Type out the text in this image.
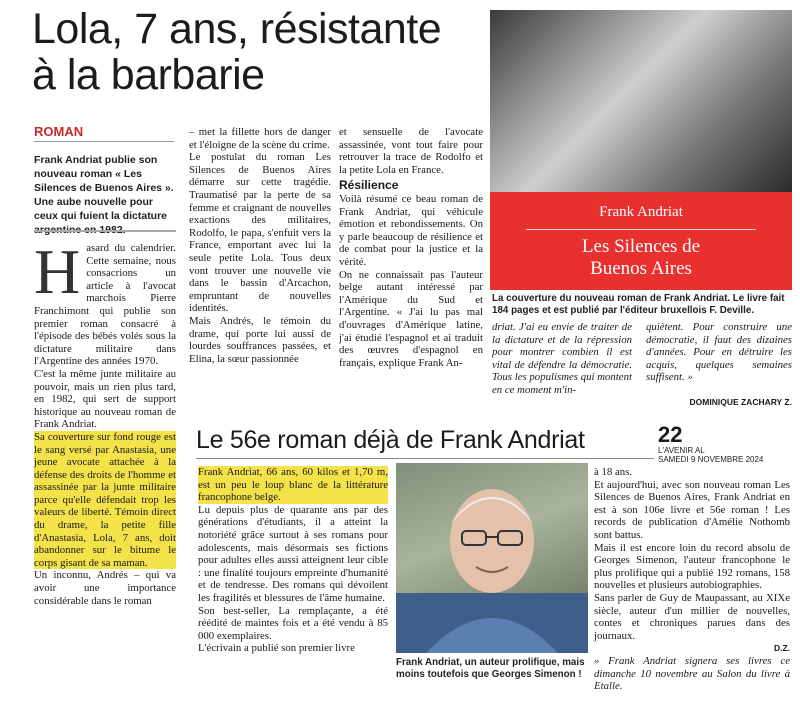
Lola, 7 ans, résistante
à la barbarie
ROMAN
Frank Andriat publie son nouveau roman « Les Silences de Buenos Aires ». Une aube nouvelle pour ceux qui fuient la dictature
H asard du calendrier. Cette semaine, nous consacrions un article à l'avocat marchois Pierre Franchimont qui publie son premier roman consacré à l'épisode des bébés volés sous la dictature militaire dans l'Argentine des années 1970.

C'est la même junte militaire au pouvoir, mais un rien plus tard, en 1982, qui sert de support historique au nouveau roman de Frank Andriat.

Sa couverture sur fond rouge est le sang versé par Anastasia, une jeune avocate attachée à la défense des droits de l'homme et assassinée par la junte militaire parce qu'elle défendait trop les valeurs de liberté. Témoin direct du drame, la petite fille d'Anastasia, Lola, 7 ans, doit abandonner sur le bitume le corps gisant de sa maman.

Un inconnu, Andrés – qui va avoir une importance considérable dans le roman

– met la fillette hors de danger et l'éloigne de la scène du crime.

Le postulat du roman Les Silences de Buenos Aires démarre sur cette tragédie. Traumatisé par la perte de sa femme et craignant de nouvelles exactions des militaires, Rodolfo, le papa, s'enfuit vers la France, emportant avec lui la seule petite Lola. Tous deux vont trouver une nouvelle vie dans le bassin d'Arcachon, empruntant de nouvelles identités.

Mais Andrés, le témoin du drame, qui porte lui aussi de lourdes souffrances passées, et Elina, la sœur passionnée

et sensuelle de l'avocate assassinée, vont tout faire pour retrouver la trace de Rodolfo et la petite Lola en France.

Résilience

Voilà résumé ce beau roman de Frank Andriat, qui véhicule émotion et rebondissements. On y parle beaucoup de résilience et de combat pour la justice et la vérité.

On ne connaissait pas l'auteur belge autant intéressé par l'Amérique du Sud et l'Argentine. « J'ai lu pas mal d'ouvrages d'Amérique latine, j'ai étudié l'espagnol et ai traduit des œuvres d'espagnol en français, explique Frank An-

Frank Andriat
Les Silences de
Buenos Aires
La couverture du nouveau roman de Frank Andriat. Le livre fait 184 pages et est publié par l'éditeur bruxellois F. Deville.

driat. J'ai eu envie de traiter de la dictature et de la répression pour montrer combien il est vital de défendre la démocratie. Tous les populismes qui montent en ce moment m'in-

quiètent. Pour construire une démocratie, il faut des dizaines d'années. Pour en détruire les acquis, quelques semaines suffisent. »

DOMINIQUE ZACHARY Z.
Le 56e roman déjà de Frank Andriat	22
L'AVENIR AL
SAMEDI 9 NOVEMBRE 2024

Frank Andriat, 66 ans, 60 kilos et 1,70 m, est un peu le loup blanc de la littérature francophone belge.

Lu depuis plus de quarante ans par des générations d'étudiants, il a atteint la notoriété grâce surtout à ses romans pour adolescents, mais désormais ses fictions pour adultes elles aussi atteignent leur cible : une finalité toujours empreinte d'humanité et de tendresse. Des romans qui dévoilent les fragilités et blessures de l'âme humaine.

Son best-seller, La remplaçante, a été réédité de maintes fois et a été vendu à 85 000 exemplaires.

L'écrivain a publié son premier livre

Frank Andriat, un auteur prolifique, mais moins toutefois que Georges Simenon !

à 18 ans.

Et aujourd'hui, avec son nouveau roman Les Silences de Buenos Aires, Frank Andriat en est à son 106e livre et 56e roman ! Les records de publication d'Amélie Nothomb sont battus.

Mais il est encore loin du record absolu de Georges Simenon, l'auteur francophone le plus prolifique qui a publié 192 romans, 158 nouvelles et plusieurs autobiographies.

Sans parler de Guy de Maupassant, au XIXe siècle, auteur d'un millier de nouvelles, contes et chroniques parues dans des journaux.

D.Z.

» Frank Andriat signera ses livres ce dimanche 10 novembre au Salon du livre à Etalle.
